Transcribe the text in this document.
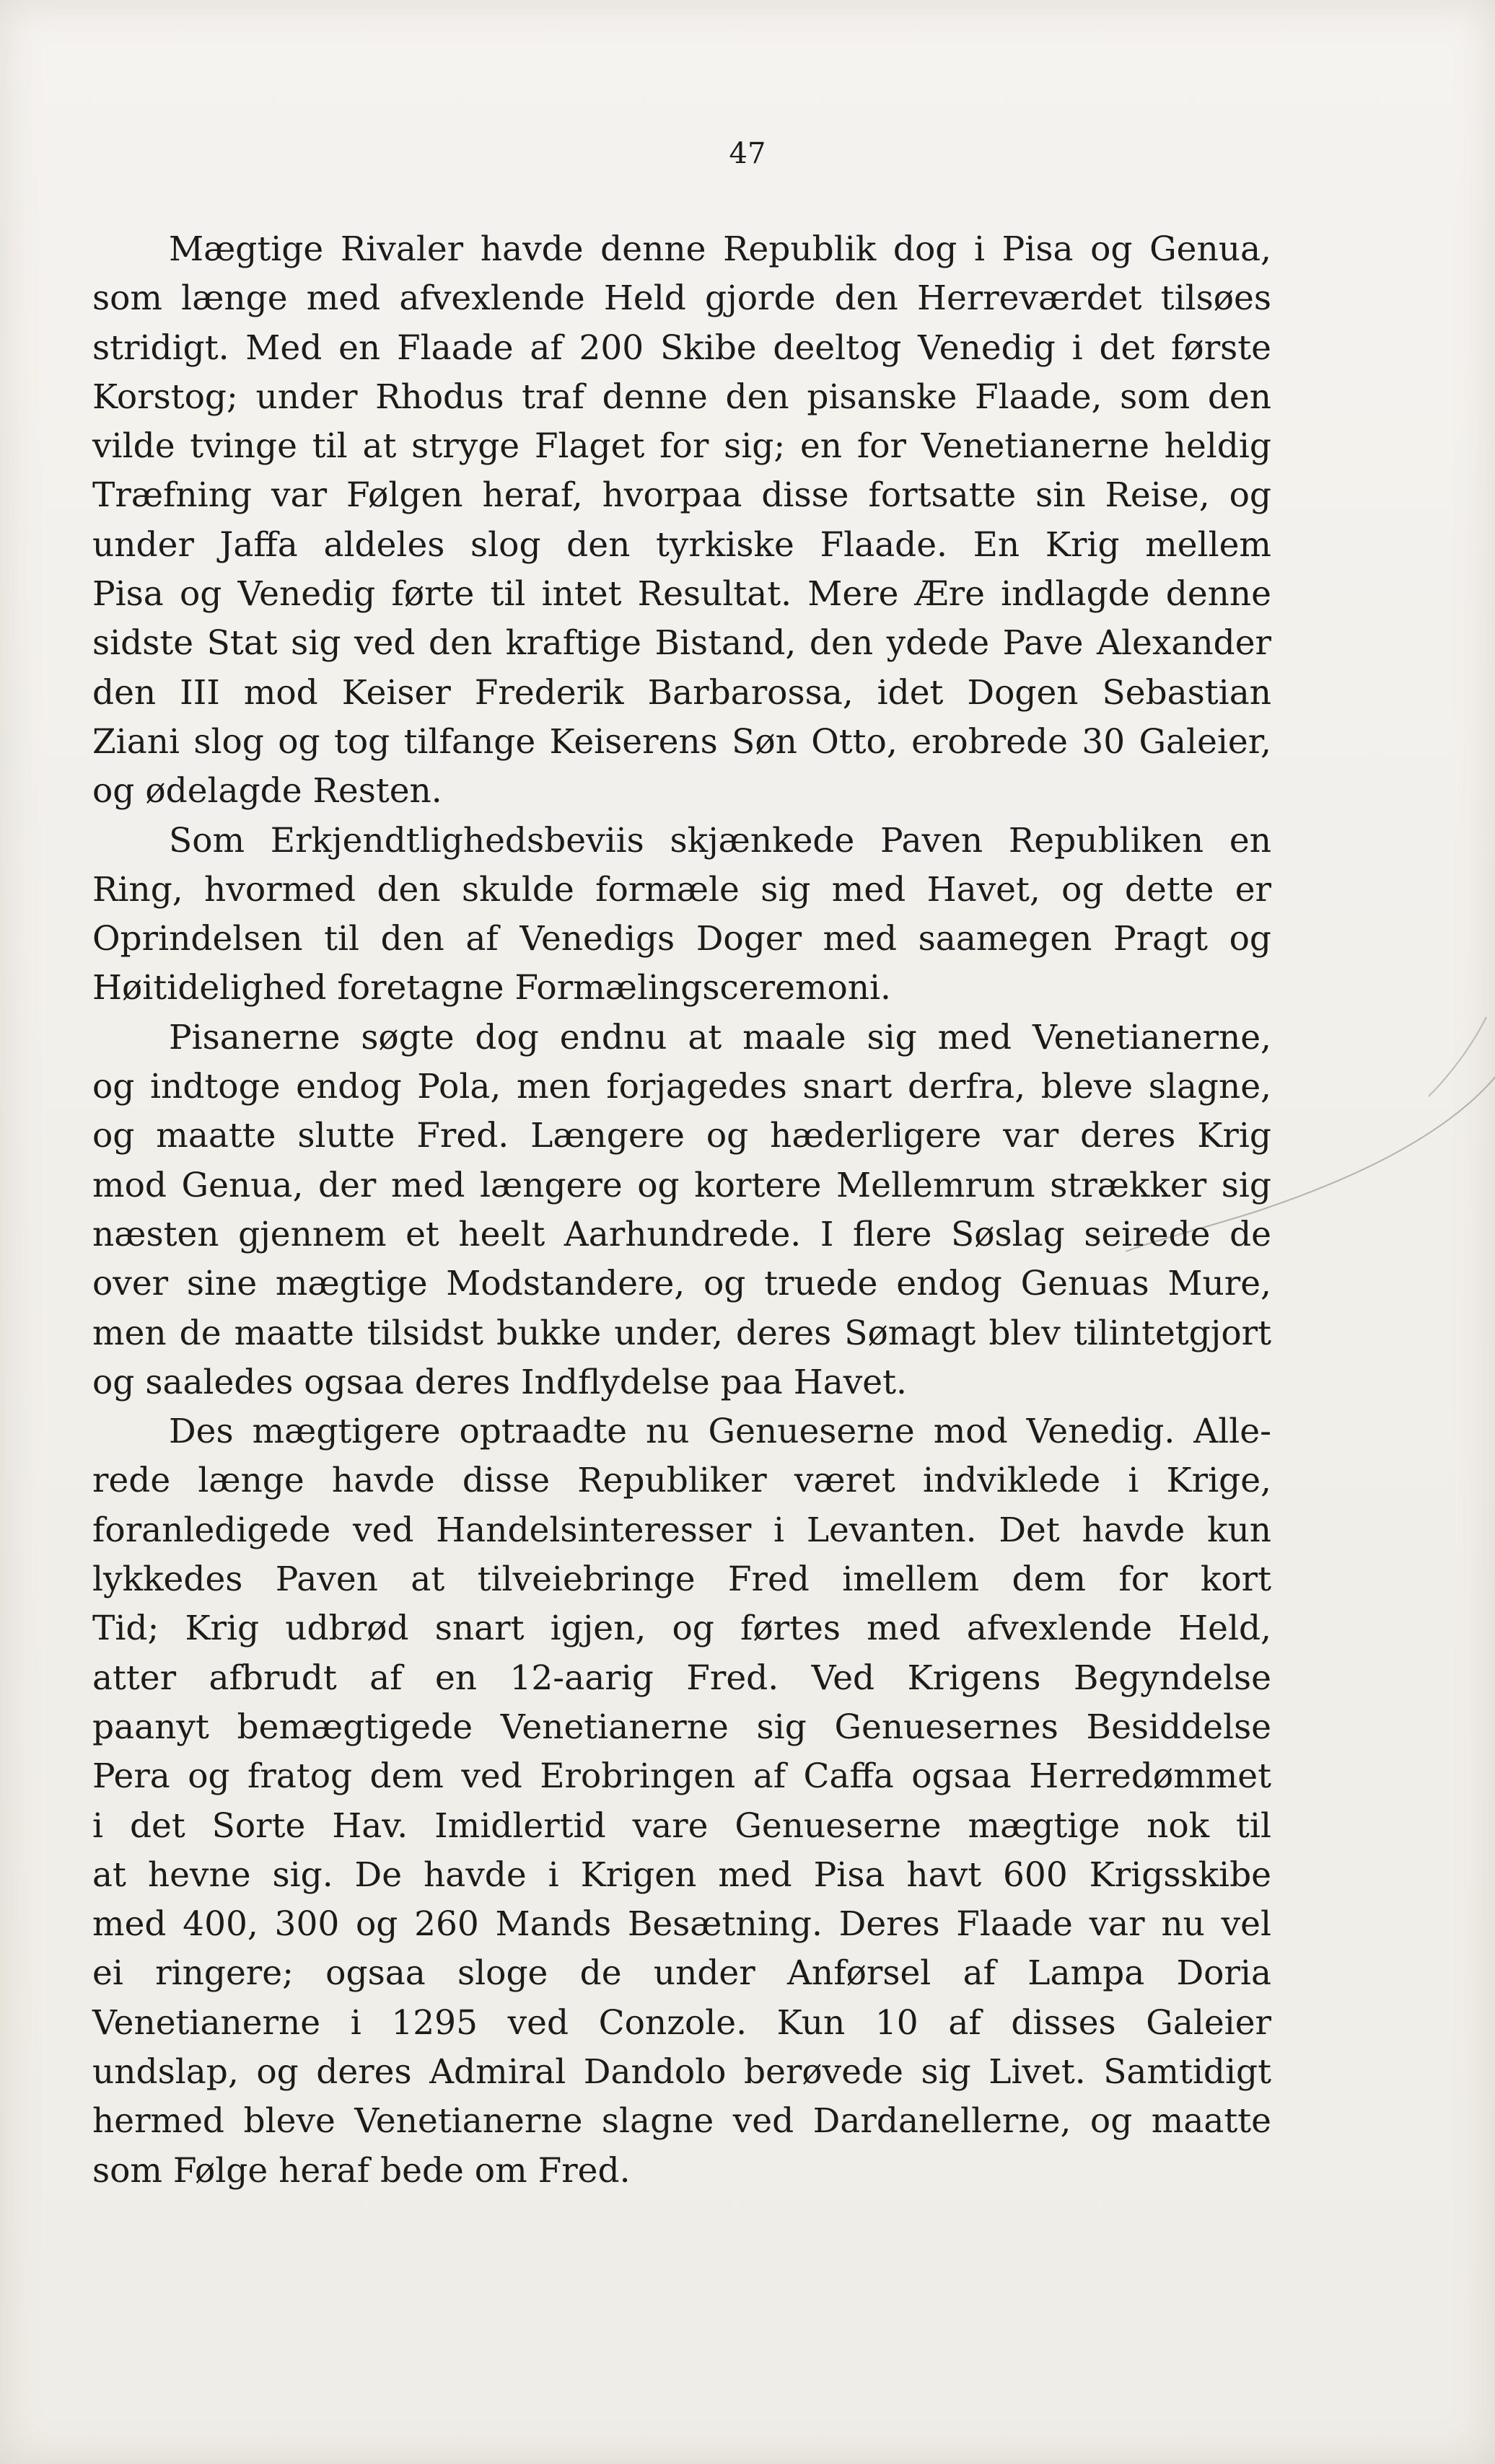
47
Mægtige Rivaler havde denne Republik dog i Pisa og Genua,
som længe med afvexlende Held gjorde den Herreværdet tilsøes
stridigt. Med en Flaade af 200 Skibe deeltog Venedig i det første
Korstog; under Rhodus traf denne den pisanske Flaade, som den
vilde tvinge til at stryge Flaget for sig; en for Venetianerne heldig
Træfning var Følgen heraf, hvorpaa disse fortsatte sin Reise, og
under Jaffa aldeles slog den tyrkiske Flaade. En Krig mellem
Pisa og Venedig førte til intet Resultat. Mere Ære indlagde denne
sidste Stat sig ved den kraftige Bistand, den ydede Pave Alexander
den III mod Keiser Frederik Barbarossa, idet Dogen Sebastian
Ziani slog og tog tilfange Keiserens Søn Otto, erobrede 30 Galeier,
og ødelagde Resten.
Som Erkjendtlighedsbeviis skjænkede Paven Republiken en
Ring, hvormed den skulde formæle sig med Havet, og dette er
Oprindelsen til den af Venedigs Doger med saamegen Pragt og
Høitidelighed foretagne Formælingsceremoni.
Pisanerne søgte dog endnu at maale sig med Venetianerne,
og indtoge endog Pola, men forjagedes snart derfra, bleve slagne,
og maatte slutte Fred. Længere og hæderligere var deres Krig
mod Genua, der med længere og kortere Mellemrum strækker sig
næsten gjennem et heelt Aarhundrede. I flere Søslag seirede de
over sine mægtige Modstandere, og truede endog Genuas Mure,
men de maatte tilsidst bukke under, deres Sømagt blev tilintetgjort
og saaledes ogsaa deres Indflydelse paa Havet.
Des mægtigere optraadte nu Genueserne mod Venedig. Alle-
rede længe havde disse Republiker været indviklede i Krige,
foranledigede ved Handelsinteresser i Levanten. Det havde kun
lykkedes Paven at tilveiebringe Fred imellem dem for kort
Tid; Krig udbrød snart igjen, og førtes med afvexlende Held,
atter afbrudt af en 12-aarig Fred. Ved Krigens Begyndelse
paanyt bemægtigede Venetianerne sig Genuesernes Besiddelse
Pera og fratog dem ved Erobringen af Caffa ogsaa Herredømmet
i det Sorte Hav. Imidlertid vare Genueserne mægtige nok til
at hevne sig. De havde i Krigen med Pisa havt 600 Krigsskibe
med 400, 300 og 260 Mands Besætning. Deres Flaade var nu vel
ei ringere; ogsaa sloge de under Anførsel af Lampa Doria
Venetianerne i 1295 ved Conzole. Kun 10 af disses Galeier
undslap, og deres Admiral Dandolo berøvede sig Livet. Samtidigt
hermed bleve Venetianerne slagne ved Dardanellerne, og maatte
som Følge heraf bede om Fred.
